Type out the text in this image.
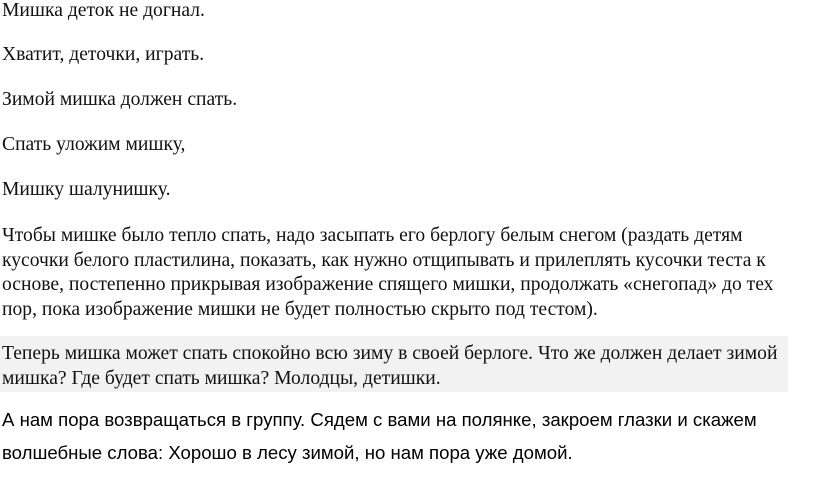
Мишка деток не догнал.

Хватит, деточки, играть.

Зимой мишка должен спать.

Спать уложим мишку,

Мишку шалунишку.

Чтобы мишке было тепло спать, надо засыпать его берлогу белым снегом (раздать детям кусочки белого пластилина, показать, как нужно отщипывать и прилеплять кусочки теста к основе, постепенно прикрывая изображение спящего мишки, продолжать «снегопад» до тех пор, пока изображение мишки не будет полностью скрыто под тестом).

Теперь мишка может спать спокойно всю зиму в своей берлоге. Что же должен делает зимой мишка? Где будет спать мишка? Молодцы, детишки.

А нам пора возвращаться в группу. Сядем с вами на полянке, закроем глазки и скажем волшебные слова: Хорошо в лесу зимой, но нам пора уже домой.
